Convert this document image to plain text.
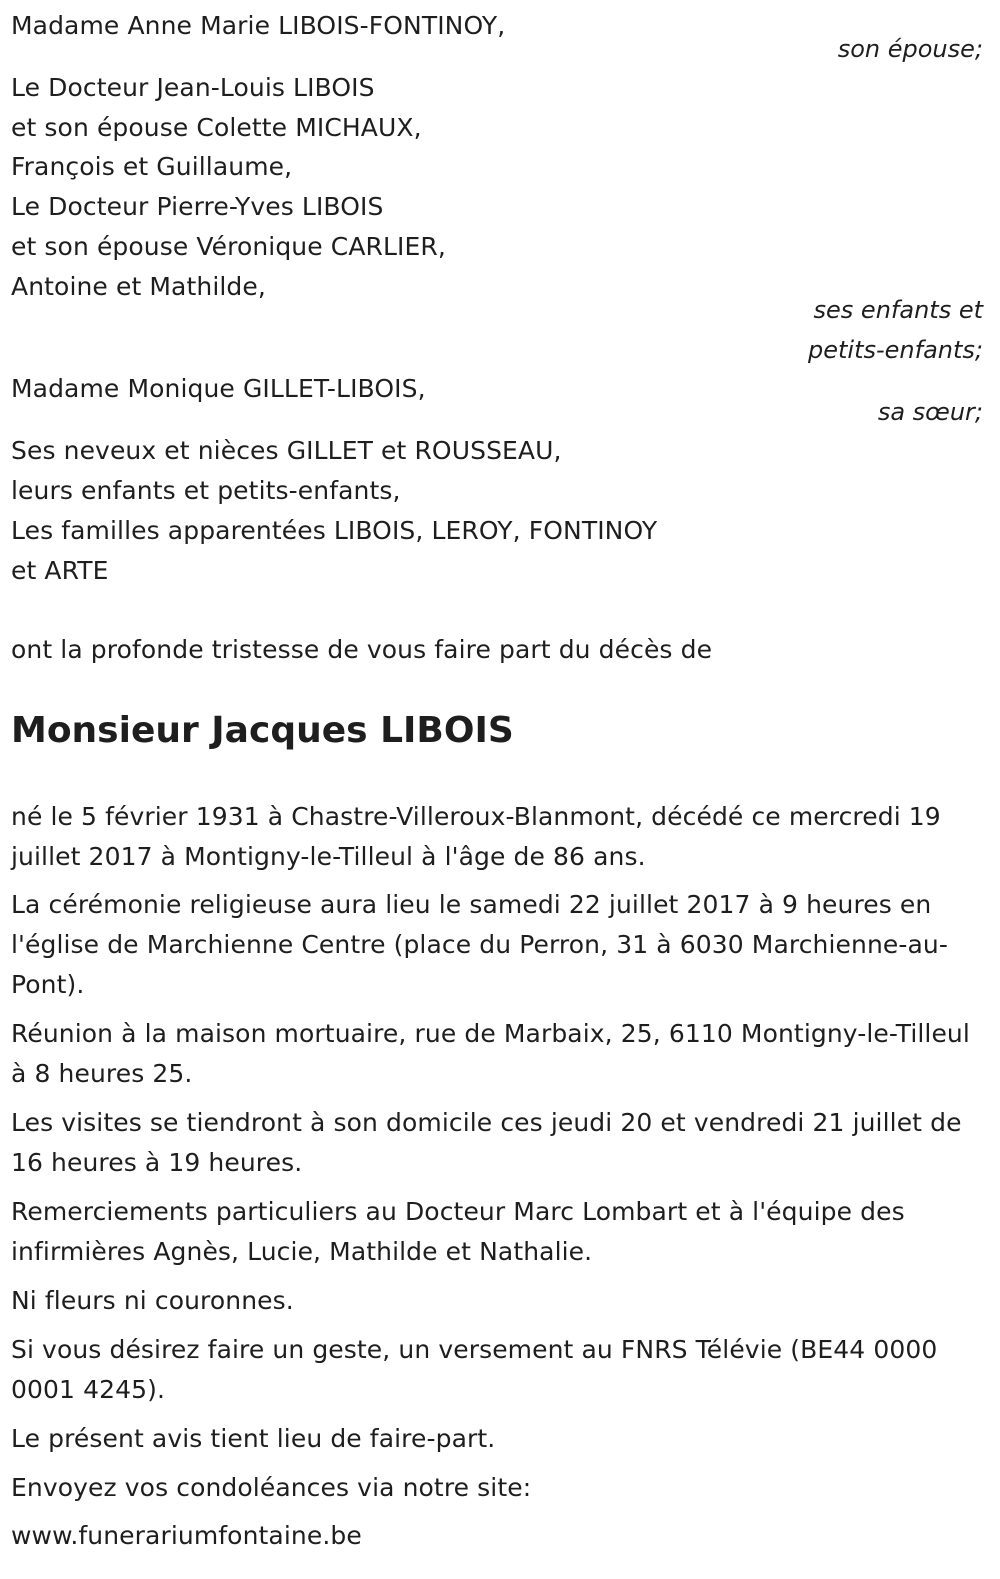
Madame Anne Marie LIBOIS-FONTINOY,
son épouse;
Le Docteur Jean-Louis LIBOIS
et son épouse Colette MICHAUX,
François et Guillaume,
Le Docteur Pierre-Yves LIBOIS
et son épouse Véronique CARLIER,
Antoine et Mathilde,
ses enfants et
petits-enfants;
Madame Monique GILLET-LIBOIS,
sa sœur;
Ses neveux et nièces GILLET et ROUSSEAU,
leurs enfants et petits-enfants,
Les familles apparentées LIBOIS, LEROY, FONTINOY
et ARTE
ont la profonde tristesse de vous faire part du décès de
Monsieur Jacques LIBOIS

né le 5 février 1931 à Chastre-Villeroux-Blanmont, décédé ce mercredi 19 juillet 2017 à Montigny-le-Tilleul à l'âge de 86 ans.

La cérémonie religieuse aura lieu le samedi 22 juillet 2017 à 9 heures en l'église de Marchienne Centre (place du Perron, 31 à 6030 Marchienne-au-Pont).

Réunion à la maison mortuaire, rue de Marbaix, 25, 6110 Montigny-le-Tilleul à 8 heures 25.

Les visites se tiendront à son domicile ces jeudi 20 et vendredi 21 juillet de 16 heures à 19 heures.

Remerciements particuliers au Docteur Marc Lombart et à l'équipe des infirmières Agnès, Lucie, Mathilde et Nathalie.

Ni fleurs ni couronnes.

Si vous désirez faire un geste, un versement au FNRS Télévie (BE44 0000 0001 4245).

Le présent avis tient lieu de faire-part.

Envoyez vos condoléances via notre site:

www.funerariumfontaine.be
